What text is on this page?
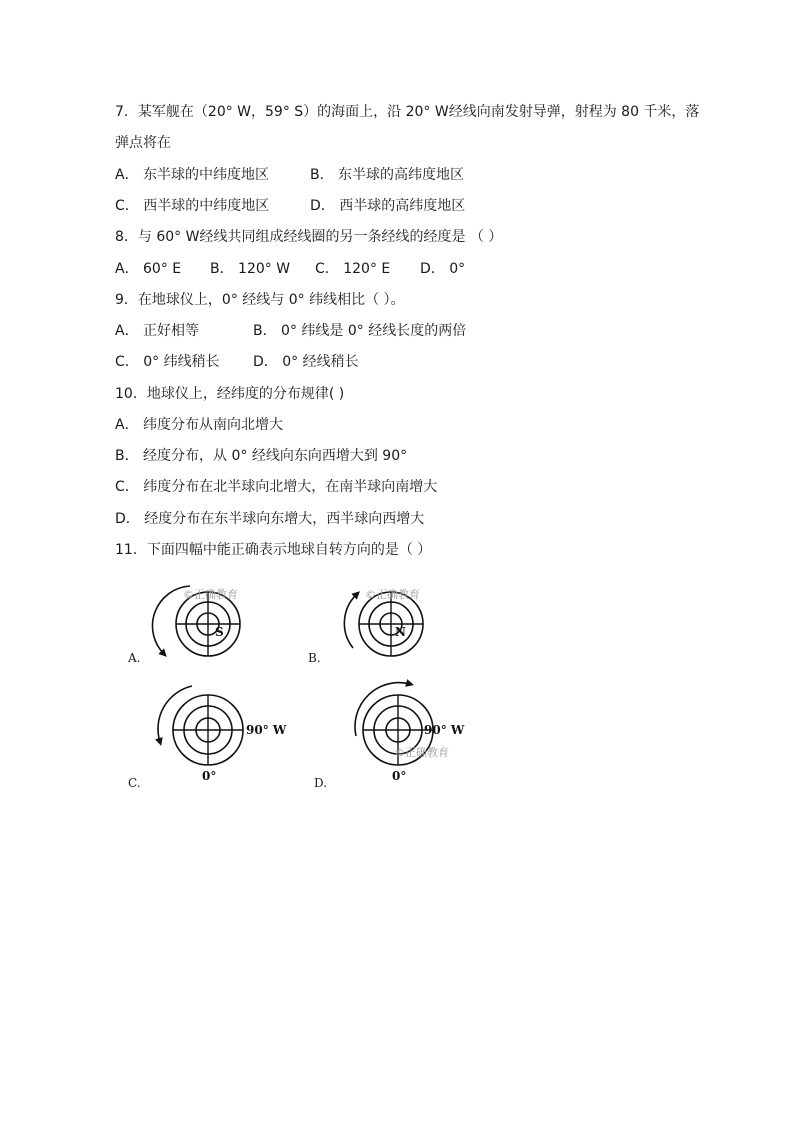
7．某军舰在（20° W，59° S）的海面上，沿 20° W经线向南发射导弹，射程为 80 千米，落
弹点将在
A． 东半球的中纬度地区	B． 东半球的高纬度地区
C． 西半球的中纬度地区	D． 西半球的高纬度地区
8．与 60° W经线共同组成经线圈的另一条经线的经度是 （ ）
A． 60° E B． 120° W C． 120° E D． 0°
9．在地球仪上，0° 经线与 0° 纬线相比（ ）。
A． 正好相等	B． 0° 纬线是 0° 经线长度的两倍
C． 0° 纬线稍长 D． 0° 经线稍长
10．地球仪上，经纬度的分布规律( )
A． 纬度分布从南向北增大
B． 经度分布，从 0° 经线向东向西增大到 90°
C． 纬度分布在北半球向北增大，在南半球向南增大
D． 经度分布在东半球向东增大，西半球向西增大
11．下面四幅中能正确表示地球自转方向的是（ ）
A.	B.
C.	D.
©正确教育
S
©正确教育
N
90° W
0°
90° W
©正确教育
0°
